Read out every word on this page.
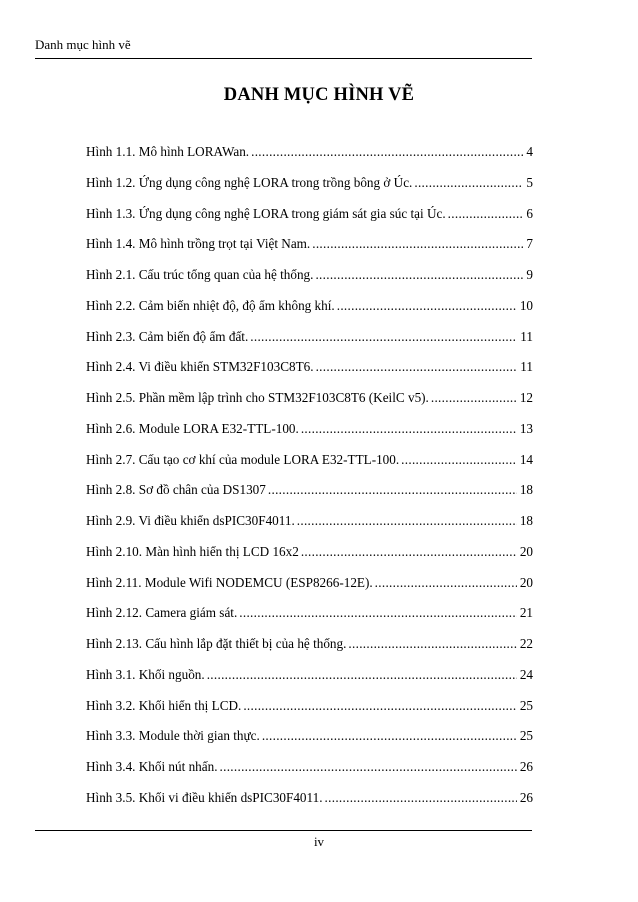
Danh mục hình vẽ
DANH MỤC HÌNH VẼ
Hình 1.1. Mô hình LORAWan. . . .	4
Hình 1.2. Ứng dụng công nghệ LORA trong trồng bông ở Úc. . . .	5
Hình 1.3. Ứng dụng công nghệ LORA trong giám sát gia súc tại Úc. . . .	6
Hình 1.4. Mô hình trồng trọt tại Việt Nam. . . .	7
Hình 2.1. Cấu trúc tổng quan của hệ thống. . . .	9
Hình 2.2. Cảm biến nhiệt độ, độ ẩm không khí. . . .	10
Hình 2.3. Cảm biến độ ẩm đất. . . .	11
Hình 2.4. Vi điều khiển STM32F103C8T6. . . .	11
Hình 2.5. Phần mềm lập trình cho STM32F103C8T6 (KeilC v5). . . .	12
Hình 2.6. Module LORA E32-TTL-100. . . .	13
Hình 2.7. Cấu tạo cơ khí của module LORA E32-TTL-100. . . .	14
Hình 2.8. Sơ đồ chân của DS1307 . . .	18
Hình 2.9. Vi điều khiển dsPIC30F4011. . . .	18
Hình 2.10. Màn hình hiển thị LCD 16x2 . . .	20
Hình 2.11. Module Wifi NODEMCU (ESP8266-12E). . . .	20
Hình 2.12. Camera giám sát. . . .	21
Hình 2.13. Cấu hình lắp đặt thiết bị của hệ thống. . . .	22
Hình 3.1. Khối nguồn. . . .	24
Hình 3.2. Khối hiển thị LCD. . . .	25
Hình 3.3. Module thời gian thực. . . .	25
Hình 3.4. Khối nút nhấn. . . .	26
Hình 3.5. Khối vi điều khiển dsPIC30F4011. . . .	26
iv
